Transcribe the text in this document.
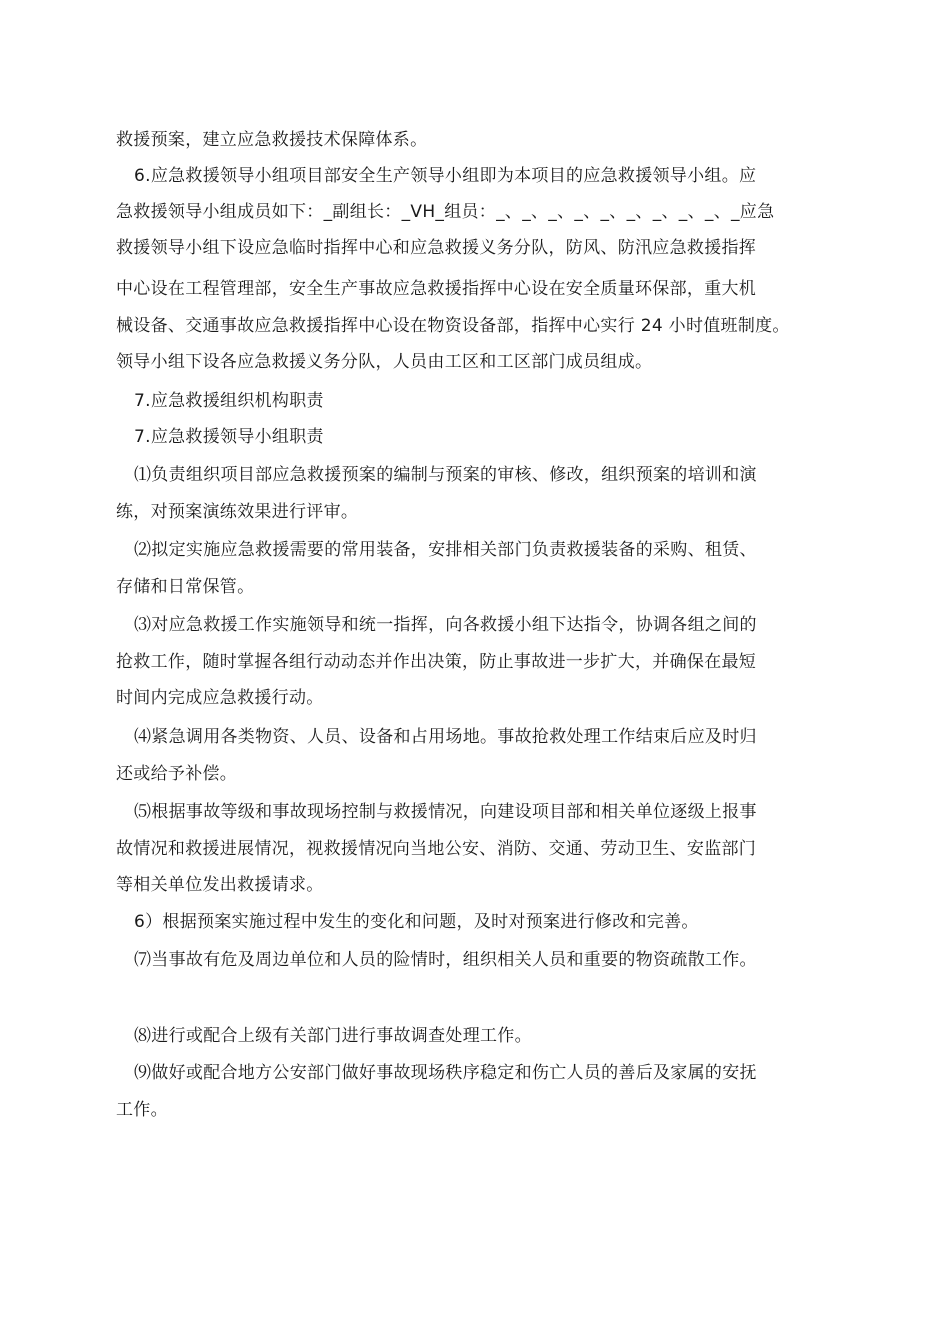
救援预案，建立应急救援技术保障体系。
6.应急救援领导小组项目部安全生产领导小组即为本项目的应急救援领导小组。应
急救援领导小组成员如下：_副组长：_VH_组员：_、_、_、_、_、_、_、_、_、_应急
救援领导小组下设应急临时指挥中心和应急救援义务分队，防风、防汛应急救援指挥
中心设在工程管理部，安全生产事故应急救援指挥中心设在安全质量环保部，重大机
械设备、交通事故应急救援指挥中心设在物资设备部，指挥中心实行 24 小时值班制度。
领导小组下设各应急救援义务分队，人员由工区和工区部门成员组成。
7.应急救援组织机构职责
7.应急救援领导小组职责
⑴负责组织项目部应急救援预案的编制与预案的审核、修改，组织预案的培训和演
练，对预案演练效果进行评审。
⑵拟定实施应急救援需要的常用装备，安排相关部门负责救援装备的采购、租赁、
存储和日常保管。
⑶对应急救援工作实施领导和统一指挥，向各救援小组下达指令，协调各组之间的
抢救工作，随时掌握各组行动动态并作出决策，防止事故进一步扩大，并确保在最短
时间内完成应急救援行动。
⑷紧急调用各类物资、人员、设备和占用场地。事故抢救处理工作结束后应及时归
还或给予补偿。
⑸根据事故等级和事故现场控制与救援情况，向建设项目部和相关单位逐级上报事
故情况和救援进展情况，视救援情况向当地公安、消防、交通、劳动卫生、安监部门
等相关单位发出救援请求。
6）根据预案实施过程中发生的变化和问题，及时对预案进行修改和完善。
⑺当事故有危及周边单位和人员的险情时，组织相关人员和重要的物资疏散工作。
⑻进行或配合上级有关部门进行事故调查处理工作。
⑼做好或配合地方公安部门做好事故现场秩序稳定和伤亡人员的善后及家属的安抚
工作。
